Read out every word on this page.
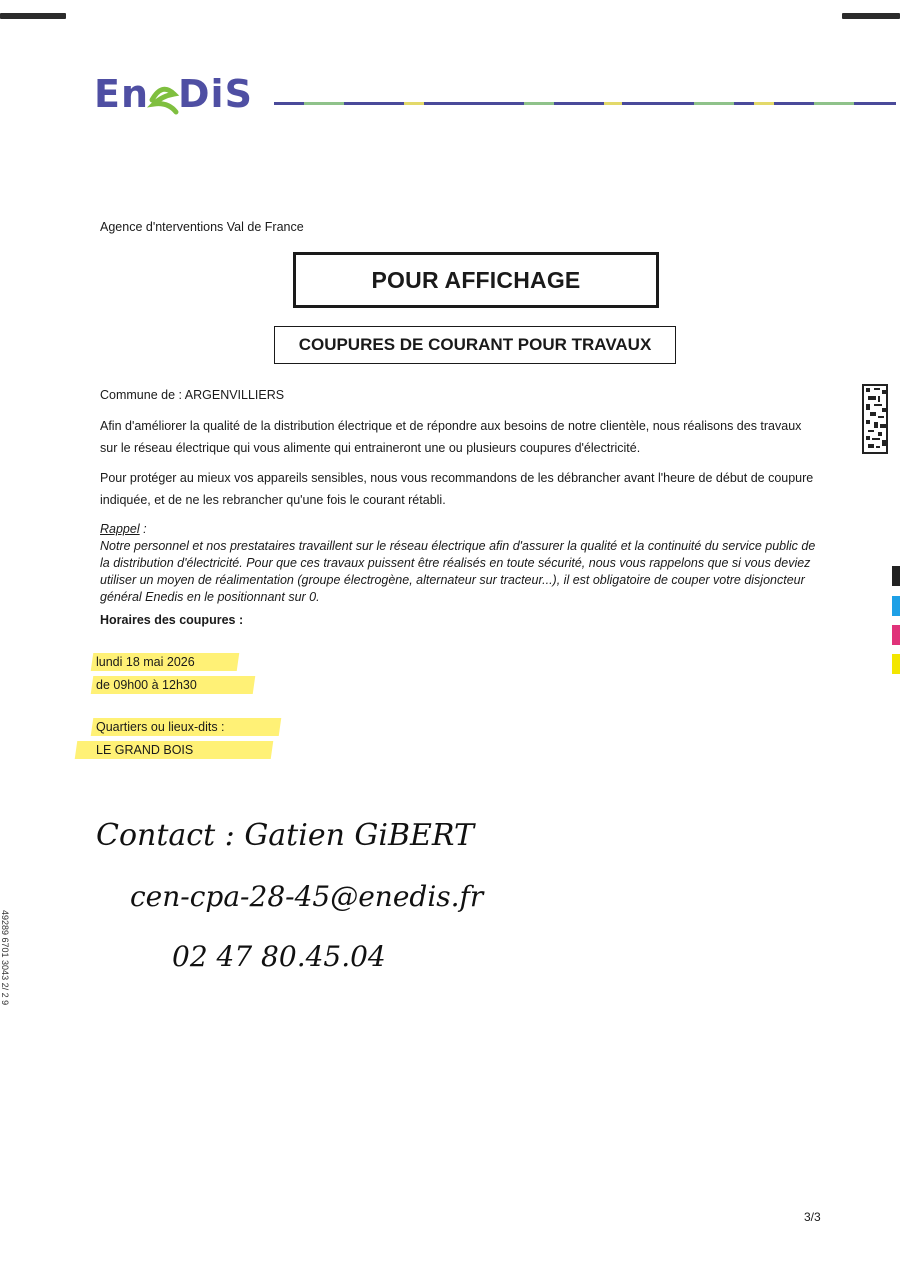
En DiS
Agence d'nterventions Val de France
POUR AFFICHAGE
COUPURES DE COURANT POUR TRAVAUX
Commune de : ARGENVILLIERS
Afin d'améliorer la qualité de la distribution électrique et de répondre aux besoins de notre clientèle, nous réalisons des travaux sur le réseau électrique qui vous alimente qui entraineront une ou plusieurs coupures d'électricité.
Pour protéger au mieux vos appareils sensibles, nous vous recommandons de les débrancher avant l'heure de début de coupure indiquée, et de ne les rebrancher qu'une fois le courant rétabli.
Rappel :
Notre personnel et nos prestataires travaillent sur le réseau électrique afin d'assurer la qualité et la continuité du service public de la distribution d'électricité. Pour que ces travaux puissent être réalisés en toute sécurité, nous vous rappelons que si vous deviez utiliser un moyen de réalimentation (groupe électrogène, alternateur sur tracteur...), il est obligatoire de couper votre disjoncteur général Enedis en le positionnant sur 0.
Horaires des coupures :
lundi 18 mai 2026
de 09h00 à 12h30
Quartiers ou lieux-dits :
LE GRAND BOIS
Contact : Gatien GiBERT
cen-cpa-28-45@enedis.fr
02 47 80.45.04
49289 6701 3043 2/ 2 9
3/3
